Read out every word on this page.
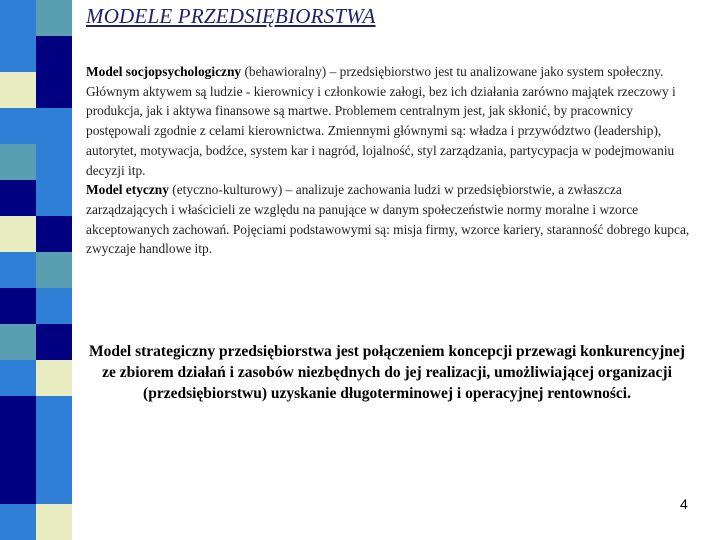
MODELE PRZEDSIĘBIORSTWA
Model socjopsychologiczny (behawioralny) – przedsiębiorstwo jest tu analizowane jako system społeczny. Głównym aktywem są ludzie - kierownicy i członkowie załogi, bez ich działania zarówno majątek rzeczowy i produkcja, jak i aktywa finansowe są martwe. Problemem centralnym jest, jak skłonić, by pracownicy postępowali zgodnie z celami kierownictwa. Zmiennymi głównymi są: władza i przywództwo (leadership), autorytet, motywacja, bodźce, system kar i nagród, lojalność, styl zarządzania, partycypacja w podejmowaniu decyzji itp.
Model etyczny (etyczno-kulturowy) – analizuje zachowania ludzi w przedsiębiorstwie, a zwłaszcza zarządzających i właścicieli ze względu na panujące w danym społeczeństwie normy moralne i wzorce akceptowanych zachowań. Pojęciami podstawowymi są: misja firmy, wzorce kariery, staranność dobrego kupca, zwyczaje handlowe itp.
Model strategiczny przedsiębiorstwa jest połączeniem koncepcji przewagi konkurencyjnej ze zbiorem działań i zasobów niezbędnych do jej realizacji, umożliwiającej organizacji (przedsiębiorstwu) uzyskanie długoterminowej i operacyjnej rentowności.
4
